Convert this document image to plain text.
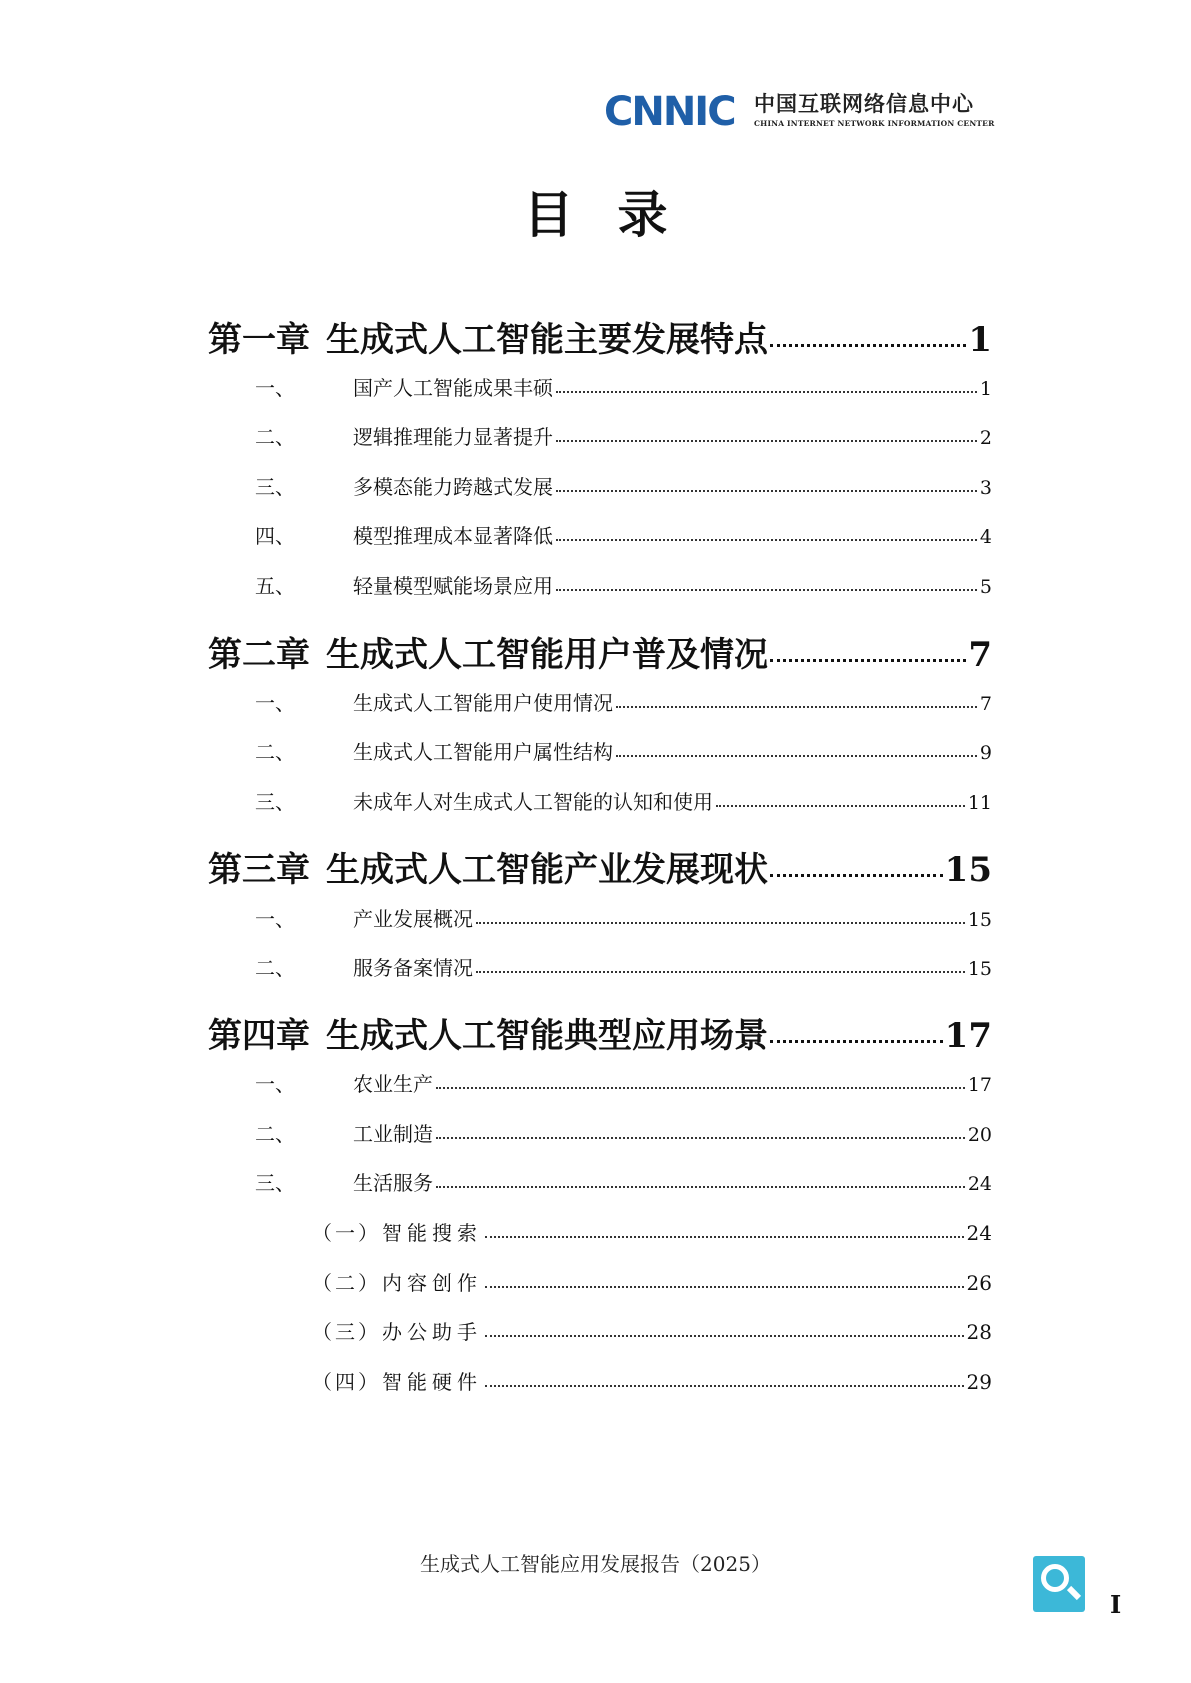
CNNIC 中国互联网络信息中心
CHINA INTERNET NETWORK INFORMATION CENTER
目录
第一章 生成式人工智能主要发展特点	1
一、	国产人工智能成果丰硕	1
二、	逻辑推理能力显著提升	2
三、	多模态能力跨越式发展	3
四、	模型推理成本显著降低	4
五、	轻量模型赋能场景应用	5
第二章 生成式人工智能用户普及情况	7
一、	生成式人工智能用户使用情况	7
二、	生成式人工智能用户属性结构	9
三、	未成年人对生成式人工智能的认知和使用	11
第三章 生成式人工智能产业发展现状	15
一、	产业发展概况	15
二、	服务备案情况	15
第四章 生成式人工智能典型应用场景	17
一、	农业生产	17
二、	工业制造	20
三、	生活服务	24
（一） 智能搜索	24
（二） 内容创作	26
（三） 办公助手	28
（四） 智能硬件	29
生成式人工智能应用发展报告（2025）
I
